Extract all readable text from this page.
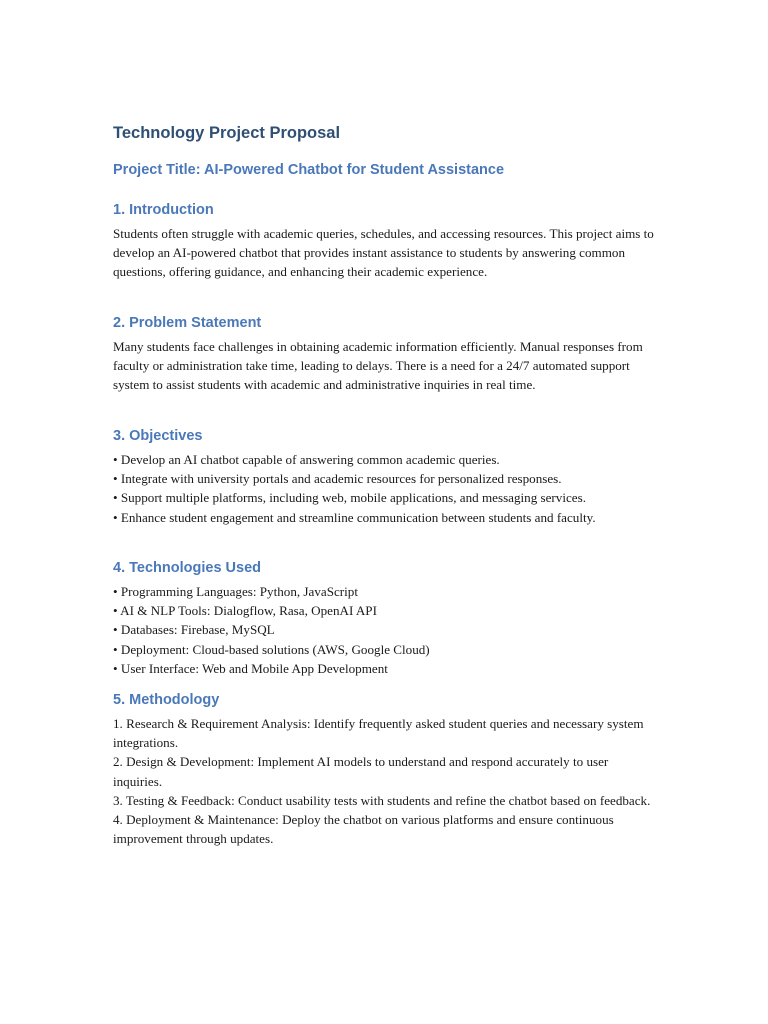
Technology Project Proposal
Project Title: AI-Powered Chatbot for Student Assistance
1. Introduction

Students often struggle with academic queries, schedules, and accessing resources. This project aims to develop an AI-powered chatbot that provides instant assistance to students by answering common questions, offering guidance, and enhancing their academic experience.

2. Problem Statement

Many students face challenges in obtaining academic information efficiently. Manual responses from faculty or administration take time, leading to delays. There is a need for a 24/7 automated support system to assist students with academic and administrative inquiries in real time.

3. Objectives
• Develop an AI chatbot capable of answering common academic queries.
• Integrate with university portals and academic resources for personalized responses.
• Support multiple platforms, including web, mobile applications, and messaging services.
• Enhance student engagement and streamline communication between students and faculty.
4. Technologies Used
• Programming Languages: Python, JavaScript
• AI & NLP Tools: Dialogflow, Rasa, OpenAI API
• Databases: Firebase, MySQL
• Deployment: Cloud-based solutions (AWS, Google Cloud)
• User Interface: Web and Mobile App Development
5. Methodology
1. Research & Requirement Analysis: Identify frequently asked student queries and necessary system integrations.
2. Design & Development: Implement AI models to understand and respond accurately to user inquiries.
3. Testing & Feedback: Conduct usability tests with students and refine the chatbot based on feedback.
4. Deployment & Maintenance: Deploy the chatbot on various platforms and ensure continuous improvement through updates.
